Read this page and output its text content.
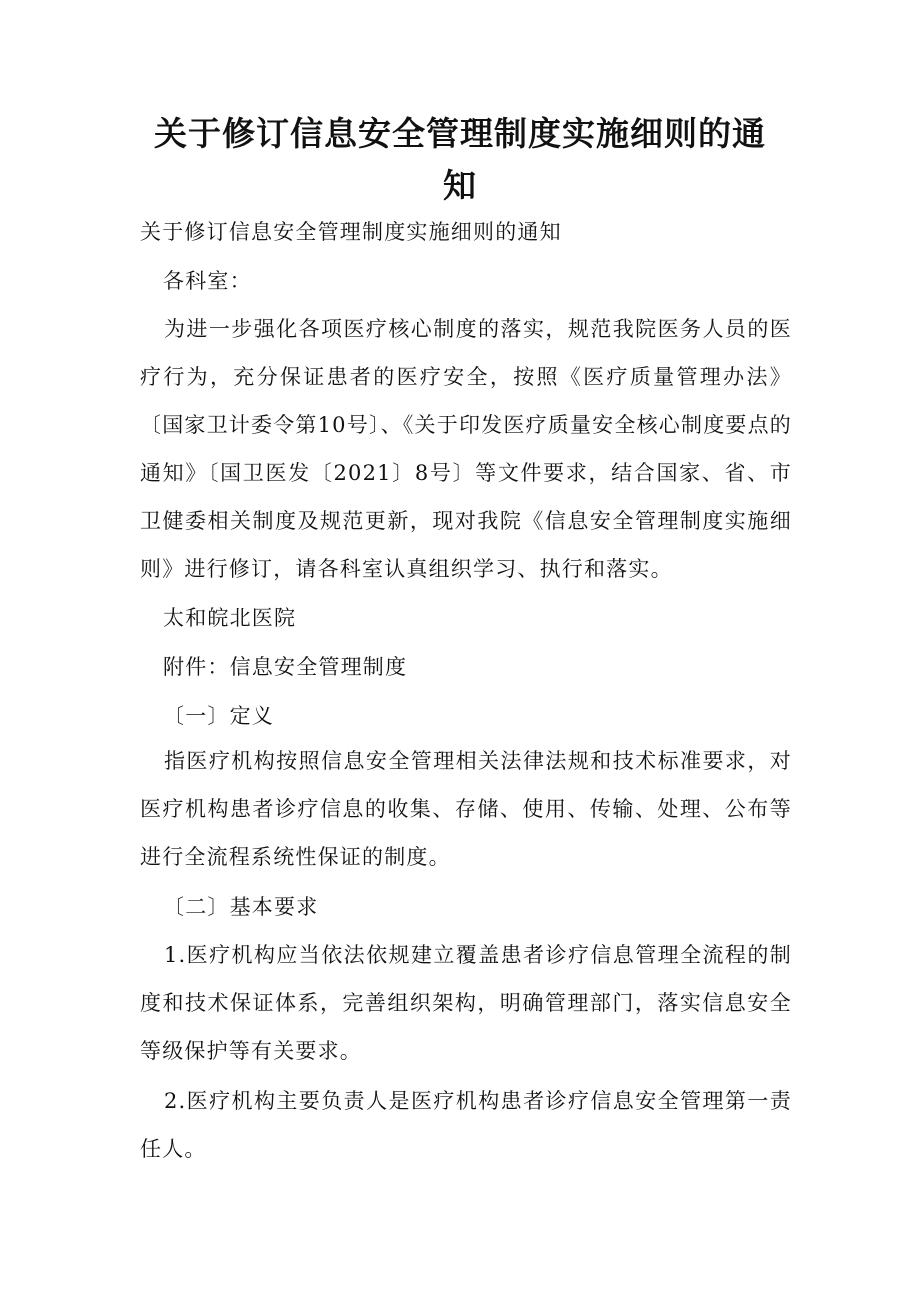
关于修订信息安全管理制度实施细则的通知
关于修订信息安全管理制度实施细则的通知
各科室：
为进一步强化各项医疗核心制度的落实，规范我院医务人员的医疗行为，充分保证患者的医疗安全，按照《医疗质量管理办法》〔国家卫计委令第10号〕、《关于印发医疗质量安全核心制度要点的通知》〔国卫医发〔2021〕8号〕等文件要求，结合国家、省、市卫健委相关制度及规范更新，现对我院《信息安全管理制度实施细则》进行修订，请各科室认真组织学习、执行和落实。
太和皖北医院
附件：信息安全管理制度
〔一〕定义
指医疗机构按照信息安全管理相关法律法规和技术标准要求，对医疗机构患者诊疗信息的收集、存储、使用、传输、处理、公布等进行全流程系统性保证的制度。
〔二〕基本要求
1.医疗机构应当依法依规建立覆盖患者诊疗信息管理全流程的制度和技术保证体系，完善组织架构，明确管理部门，落实信息安全等级保护等有关要求。
2.医疗机构主要负责人是医疗机构患者诊疗信息安全管理第一责任人。
